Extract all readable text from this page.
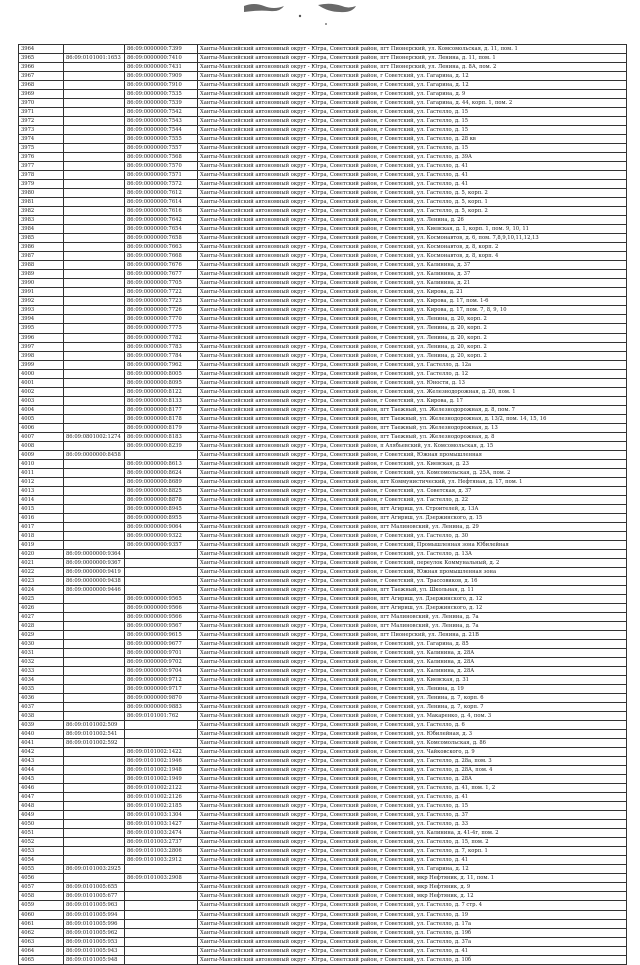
3964		86:09:0000000:7399	Ханты-Мансийский автономный округ - Югра, Советский район, пгт Пионерский, ул. Комсомольская, д. 11, пом. 1
3965	86:09:0101001:1653	86:09:0000000:7410	Ханты-Мансийский автономный округ - Югра, Советский район, пгт Пионерский, ул. Ленина, д. 11, пом. 1
3966		86:09:0000000:7431	Ханты-Мансийский автономный округ - Югра, Советский район, пгт Пионерский, ул. Ленина, д. 8А, пом. 2
3967		86:09:0000000:7909	Ханты-Мансийский автономный округ - Югра, Советский район, г Советский, ул. Гагарина, д. 12
3968		86:09:0000000:7910	Ханты-Мансийский автономный округ - Югра, Советский район, г Советский, ул. Гагарина, д. 12
3969		86:09:0000000:7535	Ханты-Мансийский автономный округ - Югра, Советский район, г Советский, ул. Гагарина, д. 9
3970		86:09:0000000:7539	Ханты-Мансийский автономный округ - Югра, Советский район, г Советский, ул. Гагарина, д. 44, корп. 1, пом. 2
3971		86:09:0000000:7542	Ханты-Мансийский автономный округ - Югра, Советский район, г Советский, ул. Гастелло, д. 15
3972		86:09:0000000:7543	Ханты-Мансийский автономный округ - Югра, Советский район, г Советский, ул. Гастелло, д. 15
3973		86:09:0000000:7544	Ханты-Мансийский автономный округ - Югра, Советский район, г Советский, ул. Гастелло, д. 15
3974		86:09:0000000:7555	Ханты-Мансийский автономный округ - Югра, Советский район, г Советский, ул. Гастелло, д. 28 кв
3975		86:09:0000000:7557	Ханты-Мансийский автономный округ - Югра, Советский район, г Советский, ул. Гастелло, д. 15
3976		86:09:0000000:7568	Ханты-Мансийский автономный округ - Югра, Советский район, г Советский, ул. Гастелло, д. 39А
3977		86:09:0000000:7570	Ханты-Мансийский автономный округ - Югра, Советский район, г Советский, ул. Гастелло, д. 41
3978		86:09:0000000:7571	Ханты-Мансийский автономный округ - Югра, Советский район, г Советский, ул. Гастелло, д. 41
3979		86:09:0000000:7572	Ханты-Мансийский автономный округ - Югра, Советский район, г Советский, ул. Гастелло, д. 41
3980		86:09:0000000:7612	Ханты-Мансийский автономный округ - Югра, Советский район, г Советский, ул. Гастелло, д. 5, корп. 2
3981		86:09:0000000:7614	Ханты-Мансийский автономный округ - Югра, Советский район, г Советский, ул. Гастелло, д. 5, корп. 1
3982		86:09:0000000:7616	Ханты-Мансийский автономный округ - Югра, Советский район, г Советский, ул. Гастелло, д. 5, корп. 2
3983		86:09:0000000:7642	Ханты-Мансийский автономный округ - Югра, Советский район, г Советский, ул. Ленина, д. 26
3984		86:09:0000000:7654	Ханты-Мансийский автономный округ - Югра, Советский район, г Советский, ул. Киевская, д. 1, корп. 1, пом. 9, 10, 11
3985		86:09:0000000:7658	Ханты-Мансийский автономный округ - Югра, Советский район, г Советский, ул. Космонавтов, д. 6, пом. 7,8,9,10,11,12,13
3986		86:09:0000000:7663	Ханты-Мансийский автономный округ - Югра, Советский район, г Советский, ул. Космонавтов, д. 8, корп. 2
3987		86:09:0000000:7668	Ханты-Мансийский автономный округ - Югра, Советский район, г Советский, ул. Космонавтов, д. 8, корп. 4
3988		86:09:0000000:7676	Ханты-Мансийский автономный округ - Югра, Советский район, г Советский, ул. Калинина, д. 37
3989		86:09:0000000:7677	Ханты-Мансийский автономный округ - Югра, Советский район, г Советский, ул. Калинина, д. 37
3990		86:09:0000000:7705	Ханты-Мансийский автономный округ - Югра, Советский район, г Советский, ул. Калинина, д. 21
3991		86:09:0000000:7722	Ханты-Мансийский автономный округ - Югра, Советский район, г Советский, ул. Кирова, д. 21
3992		86:09:0000000:7723	Ханты-Мансийский автономный округ - Югра, Советский район, г Советский, ул. Кирова, д. 17, пом. 1-6
3993		86:09:0000000:7726	Ханты-Мансийский автономный округ - Югра, Советский район, г Советский, ул. Кирова, д. 17, пом. 7, 8, 9, 10
3994		86:09:0000000:7770	Ханты-Мансийский автономный округ - Югра, Советский район, г Советский, ул. Ленина, д. 20, корп. 2
3995		86:09:0000000:7775	Ханты-Мансийский автономный округ - Югра, Советский район, г Советский, ул. Ленина, д. 20, корп. 2
3996		86:09:0000000:7782	Ханты-Мансийский автономный округ - Югра, Советский район, г Советский, ул. Ленина, д. 20, корп. 2
3997		86:09:0000000:7783	Ханты-Мансийский автономный округ - Югра, Советский район, г Советский, ул. Ленина, д. 20, корп. 2
3998		86:09:0000000:7784	Ханты-Мансийский автономный округ - Югра, Советский район, г Советский, ул. Ленина, д. 20, корп. 2
3999		86:09:0000000:7962	Ханты-Мансийский автономный округ - Югра, Советский район, г Советский, ул. Гастелло, д. 12а
4000		86:09:0000000:8005	Ханты-Мансийский автономный округ - Югра, Советский район, г Советский, ул. Гастелло, д. 12
4001		86:09:0000000:8095	Ханты-Мансийский автономный округ - Югра, Советский район, г Советский, ул. Юности, д. 13
4002		86:09:0000000:8122	Ханты-Мансийский автономный округ - Югра, Советский район, г Советский, ул. Железнодорожная, д. 20, пом. 1
4003		86:09:0000000:8133	Ханты-Мансийский автономный округ - Югра, Советский район, г Советский, ул. Кирова, д. 17
4004		86:09:0000000:8177	Ханты-Мансийский автономный округ - Югра, Советский район, пгт Таежный, ул. Железнодорожная, д. 8, пом. 7
4005		86:09:0000000:8178	Ханты-Мансийский автономный округ - Югра, Советский район, пгт Таежный, ул. Железнодорожная, д. 13/2, пом. 14, 15, 16
4006		86:09:0000000:8179	Ханты-Мансийский автономный округ - Югра, Советский район, пгт Таежный, ул. Железнодорожная, д. 13
4007	86:09:0801002:1274	86:09:0000000:8183	Ханты-Мансийский автономный округ - Югра, Советский район, пгт Таежный, ул. Железнодорожная, д. 8
4008		86:09:0000000:8239	Ханты-Мансийский автономный округ - Югра, Советский район, п Алябьевский, ул. Комсомольская, д. 15
4009	86:09:0000000:8458		Ханты-Мансийский автономный округ - Югра, Советский район, г Советский, Южная промышленная
4010		86:09:0000000:8613	Ханты-Мансийский автономный округ - Югра, Советский район, г Советский, ул. Киевская, д. 23
4011		86:09:0000000:8624	Ханты-Мансийский автономный округ - Югра, Советский район, г Советский, ул. Комсомольская, д. 25А, пом. 2
4012		86:09:0000000:8689	Ханты-Мансийский автономный округ - Югра, Советский район, пгт Коммунистический, ул. Нефтяная, д. 17, пом. 1
4013		86:09:0000000:8825	Ханты-Мансийский автономный округ - Югра, Советский район, г Советский, ул. Советская, д. 37
4014		86:09:0000000:8878	Ханты-Мансийский автономный округ - Югра, Советский район, г Советский, ул. Гастелло, д. 22
4015		86:09:0000000:8945	Ханты-Мансийский автономный округ - Югра, Советский район, пгт Агириш, ул. Строителей, д. 13А
4016		86:09:0000000:8955	Ханты-Мансийский автономный округ - Югра, Советский район, пгт Агириш, ул. Дзержинского, д. 15
4017		86:09:0000000:9064	Ханты-Мансийский автономный округ - Югра, Советский район, пгт Малиновский, ул. Ленина, д. 29
4018		86:09:0000000:9322	Ханты-Мансийский автономный округ - Югра, Советский район, г Советский, ул. Гастелло, д. 30
4019		86:09:0000000:9357	Ханты-Мансийский автономный округ - Югра, Советский район, г Советский, Промышленная зона Юбилейная
4020	86:09:0000000:9364		Ханты-Мансийский автономный округ - Югра, Советский район, г Советский, ул. Гастелло, д. 13А
4021	86:09:0000000:9367		Ханты-Мансийский автономный округ - Югра, Советский район, г Советский, переулок Коммунальный, д. 2
4022	86:09:0000000:9419		Ханты-Мансийский автономный округ - Югра, Советский район, г Советский, Южная промышленная зона
4023	86:09:0000000:9438		Ханты-Мансийский автономный округ - Югра, Советский район, г Советский, ул. Трассовиков, д. 16
4024	86:09:0000000:9446		Ханты-Мансийский автономный округ - Югра, Советский район, пгт Таежный, ул. Школьная, д. 11
4025		86:09:0000000:9565	Ханты-Мансийский автономный округ - Югра, Советский район, пгт Агириш, ул. Дзержинского, д. 12
4026		86:09:0000000:9566	Ханты-Мансийский автономный округ - Югра, Советский район, пгт Агириш, ул. Дзержинского, д. 12
4027		86:09:0000000:9566	Ханты-Мансийский автономный округ - Югра, Советский район, пгт Малиновский, ул. Ленина, д. 7а
4028		86:09:0000000:9567	Ханты-Мансийский автономный округ - Югра, Советский район, пгт Малиновский, ул. Ленина, д. 7а
4029		86:09:0000000:9615	Ханты-Мансийский автономный округ - Югра, Советский район, пгт Пионерский, ул. Ленина, д. 21В
4030		86:09:0000000:9677	Ханты-Мансийский автономный округ - Югра, Советский район, г Советский, ул. Гагарина, д. 85
4031		86:09:0000000:9701	Ханты-Мансийский автономный округ - Югра, Советский район, г Советский, ул. Калинина, д. 28А
4032		86:09:0000000:9702	Ханты-Мансийский автономный округ - Югра, Советский район, г Советский, ул. Калинина, д. 28А
4033		86:09:0000000:9704	Ханты-Мансийский автономный округ - Югра, Советский район, г Советский, ул. Калинина, д. 28А
4034		86:09:0000000:9712	Ханты-Мансийский автономный округ - Югра, Советский район, г Советский, ул. Киевская, д. 31
4035		86:09:0000000:9717	Ханты-Мансийский автономный округ - Югра, Советский район, г Советский, ул. Ленина, д. 19
4036		86:09:0000000:9870	Ханты-Мансийский автономный округ - Югра, Советский район, г Советский, ул. Ленина, д. 7, корп. 6
4037		86:09:0000000:9883	Ханты-Мансийский автономный округ - Югра, Советский район, г Советский, ул. Ленина, д. 7, корп. 7
4038		86:09:0101001:762	Ханты-Мансийский автономный округ - Югра, Советский район, г Советский, ул. Макаренко, д. 4, пом. 3
4039	86:09:0101002:509		Ханты-Мансийский автономный округ - Югра, Советский район, г Советский, ул. Гастелло, д. 6
4040	86:09:0101002:541		Ханты-Мансийский автономный округ - Югра, Советский район, г Советский, ул. Юбилейная, д. 3
4041	86:09:0101002:592		Ханты-Мансийский автономный округ - Югра, Советский район, г Советский, ул. Комсомольская, д. 86
4042		86:09:0101002:1422	Ханты-Мансийский автономный округ - Югра, Советский район, г Советский, ул. Чайковского, д. 9
4043		86:09:0101002:1946	Ханты-Мансийский автономный округ - Югра, Советский район, г Советский, ул. Гастелло, д. 28а, пом. 3
4044		86:09:0101002:1948	Ханты-Мансийский автономный округ - Югра, Советский район, г Советский, ул. Гастелло, д. 28А, пом. 4
4045		86:09:0101002:1949	Ханты-Мансийский автономный округ - Югра, Советский район, г Советский, ул. Гастелло, д. 28А
4046		86:09:0101002:2122	Ханты-Мансийский автономный округ - Югра, Советский район, г Советский, ул. Гастелло, д. 41, пом. 1, 2
4047		86:09:0101002:2126	Ханты-Мансийский автономный округ - Югра, Советский район, г Советский, ул. Гастелло, д. 41
4048		86:09:0101002:2185	Ханты-Мансийский автономный округ - Югра, Советский район, г Советский, ул. Гастелло, д. 15
4049		86:09:0101003:1304	Ханты-Мансийский автономный округ - Югра, Советский район, г Советский, ул. Гастелло, д. 37
4050		86:09:0101003:1427	Ханты-Мансийский автономный округ - Югра, Советский район, г Советский, ул. Гастелло, д. 33
4051		86:09:0101003:2474	Ханты-Мансийский автономный округ - Югра, Советский район, г Советский, ул. Калинина, д. 41-4г, пом. 2
4052		86:09:0101003:2737	Ханты-Мансийский автономный округ - Югра, Советский район, г Советский, ул. Гастелло, д. 15, пом. 2
4053		86:09:0101003:2806	Ханты-Мансийский автономный округ - Югра, Советский район, г Советский, ул. Гастелло, д. 7, корп. 1
4054		86:09:0101003:2912	Ханты-Мансийский автономный округ - Югра, Советский район, г Советский, ул. Гастелло, д. 41
4055	86:09:0101003:2925		Ханты-Мансийский автономный округ - Югра, Советский район, г Советский, ул. Гагарина, д. 12
4056		86:09:0101003:2908	Ханты-Мансийский автономный округ - Югра, Советский район, г Советский, мкр Нефтяник, д. 11, пом. 1
4057	86:09:0101005:655		Ханты-Мансийский автономный округ - Югра, Советский район, г Советский, мкр Нефтяник, д. 9
4058	86:09:0101005:677		Ханты-Мансийский автономный округ - Югра, Советский район, г Советский, мкр Нефтяник, д. 12
4059	86:09:0101005:963		Ханты-Мансийский автономный округ - Югра, Советский район, г Советский, ул. Гастелло, д. 7 стр. 4
4060	86:09:0101005:994		Ханты-Мансийский автономный округ - Югра, Советский район, г Советский, ул. Гастелло, д. 19
4061	86:09:0101005:996		Ханты-Мансийский автономный округ - Югра, Советский район, г Советский, ул. Гастелло, д. 17а
4062	86:09:0101005:962		Ханты-Мансийский автономный округ - Югра, Советский район, г Советский, ул. Гастелло, д. 19б
4063	86:09:0101005:953		Ханты-Мансийский автономный округ - Югра, Советский район, г Советский, ул. Гастелло, д. 37а
4064	86:09:0101005:943		Ханты-Мансийский автономный округ - Югра, Советский район, г Советский, ул. Гастелло, д. 41
4065	86:09:0101005:948		Ханты-Мансийский автономный округ - Югра, Советский район, г Советский, ул. Гастелло, д. 10б
